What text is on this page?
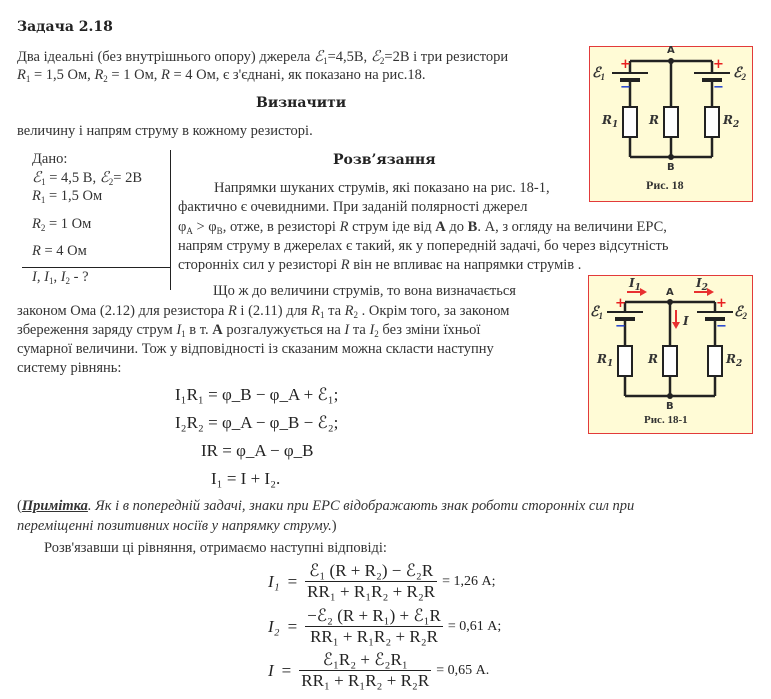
Задача 2.18
Два ідеальні (без внутрішнього опору) джерела ℰ$_1$=4,5В, ℰ$_2$=2В і три резистори
$R_1 = 1,5$ Ом, $R_2 = 1$ Ом, R = 4 Ом, є з'єднані, як показано на рис.18.
Визначити
величину і напрям струму в кожному резисторі.
Дано:
ℰ$_1$ = 4,5 В, ℰ$_2$= 2В
$R_1 = 1,5$ Ом
$R_2 = 1$ Ом
R = 4 Ом
I, $I_1$, $I_2$ - ?
Розв’язання
Напрямки шуканих струмів, які показано на рис. 18-1,
фактично є очевидними. При заданій полярності джерел
$\varphi_A > \varphi_B$, отже, в резисторі R струм іде від А до В. А, з огляду на величини ЕРС,
напрям струму в джерелах є такий, як у попередній задачі, бо через відсутність
сторонніх сил у резисторі R він не впливає на напрямки струмів .
Що ж до величини струмів, то вона визначається
законом Ома (2.12) для резистора R і (2.11) для $R_1$ та $R_2$ . Окрім того, за законом
збереження заряду струм $I_1$ в т. А розгалужується на I та $I_2$ без зміни їхньої
сумарної величини. Тож у відповідності із сказаним можна скласти наступну
систему рівнянь:
I₁R₁ = φ_B − φ_A + ℰ₁;
I₂R₂ = φ_A − φ_B − ℰ₂;
IR = φ_A − φ_B
I₁ = I + I₂.
(Примітка. Як і в попередній задачі, знаки при ЕРС відображають знак роботи сторонніх сил при
переміщенні позитивних носіїв у напрямку струму.)
Розв'язавши ці рівняння, отримаємо наступні відповіді:
$I_1 = \frac{\text{ℰ₁ (R + R₂) − ℰ₂R}}{\text{RR₁ + R₁R₂ + R₂R}} = 1,26$ А;
$I_2 = \frac{\text{−ℰ₂ (R + R₁) + ℰ₁R}}{\text{RR₁ + R₁R₂ + R₂R}} = 0,61$ А;
$I = \frac{\text{ℰ₁R₂ + ℰ₂R₁}}{\text{RR₁ + R₁R₂ + R₂R}} = 0,65$ А.
A
B
+
−
+
−
ℰ$_1$	ℰ$_2$
$R_1$	R	$R_2$
Рис. 18
A
B
$I_1$	$I_2$
I
+
−
+
−
ℰ$_1$	ℰ$_2$
$R_1$	R	$R_2$
Рис. 18-1
